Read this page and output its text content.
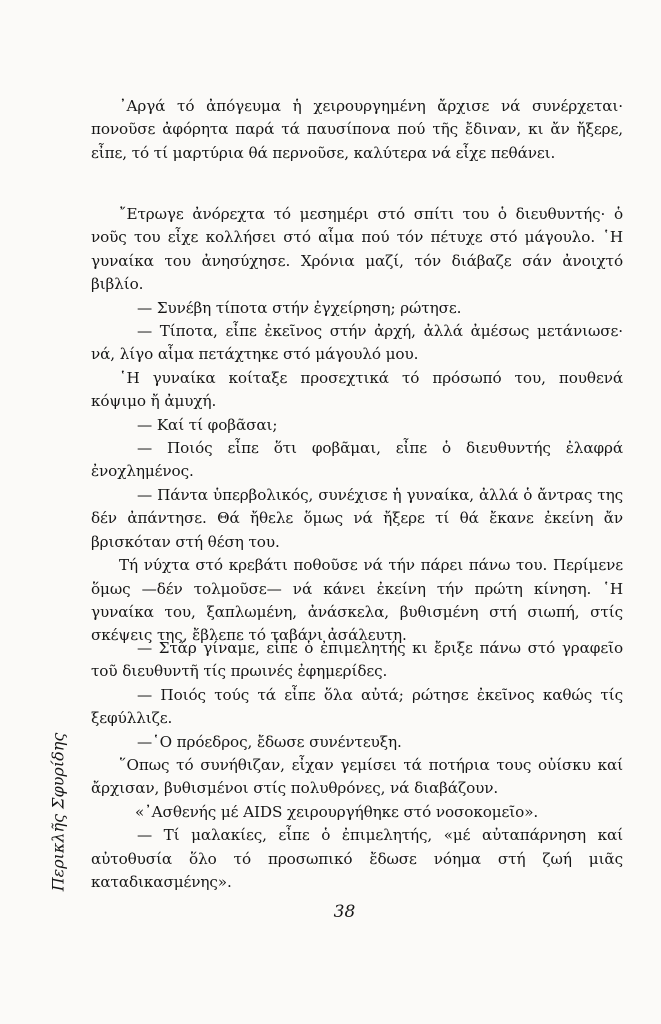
᾽Αργά τό ἀπόγευμα ἡ χειρουργημένη ἄρχισε νά συνέρχεται· πονοῦσε ἀφόρητα παρά τά παυσίπονα πού τῆς ἔδιναν, κι ἄν ἤξερε, εἶπε, τό τί μαρτύρια θά περνοῦσε, καλύτερα νά εἶχε πεθάνει.

῎Ετρωγε ἀνόρεχτα τό μεσημέρι στό σπίτι του ὁ διευθυντής· ὁ νοῦς του εἶχε κολλήσει στό αἷμα πού τόν πέτυχε στό μάγουλο. ῾Η γυναίκα του ἀνησύχησε. Χρόνια μαζί, τόν διάβαζε σάν ἀνοιχτό βιβλίο.

— Συνέβη τίποτα στήν ἐγχείρηση; ρώτησε.

— Τίποτα, εἶπε ἐκεῖνος στήν ἀρχή, ἀλλά ἀμέσως μετάνιωσε· νά, λίγο αἷμα πετάχτηκε στό μάγουλό μου.

῾Η γυναίκα κοίταξε προσεχτικά τό πρόσωπό του, πουθενά κόψιμο ἤ ἀμυχή.

— Καί τί φοβᾶσαι;

— Ποιός εἶπε ὅτι φοβᾶμαι, εἶπε ὁ διευθυντής ἐλαφρά ἐνοχλημένος.

— Πάντα ὑπερβολικός, συνέχισε ἡ γυναίκα, ἀλλά ὁ ἄντρας της δέν ἀπάντησε. Θά ἤθελε ὅμως νά ἤξερε τί θά ἔκανε ἐκείνη ἄν βρισκόταν στή θέση του.

Τή νύχτα στό κρεβάτι ποθοῦσε νά τήν πάρει πάνω του. Περίμενε ὅμως —δέν τολμοῦσε— νά κάνει ἐκείνη τήν πρώτη κίνηση. ῾Η γυναίκα του, ξαπλωμένη, ἀνάσκελα, βυθισμένη στή σιωπή, στίς σκέψεις της, ἔβλεπε τό ταβάνι ἀσάλευτη.

— Στάρ γίναμε, εἶπε ὁ ἐπιμελητής κι ἔριξε πάνω στό γραφεῖο τοῦ διευθυντῆ τίς πρωινές ἐφημερίδες.

— Ποιός τούς τά εἶπε ὅλα αὐτά; ρώτησε ἐκεῖνος καθώς τίς ξεφύλλιζε.

—῾Ο πρόεδρος, ἔδωσε συνέντευξη.

῞Οπως τό συνήθιζαν, εἶχαν γεμίσει τά ποτήρια τους οὐίσκυ καί ἄρχισαν, βυθισμένοι στίς πολυθρόνες, νά διαβάζουν.

«᾽Ασθενής μέ AIDS χειρουργήθηκε στό νοσοκομεῖο».

— Τί μαλακίες, εἶπε ὁ ἐπιμελητής, «μέ αὐταπάρνηση καί αὐτοθυσία ὅλο τό προσωπικό ἔδωσε νόημα στή ζωή μιᾶς καταδικασμένης».

Περικλῆς Σφυρίδης
38
